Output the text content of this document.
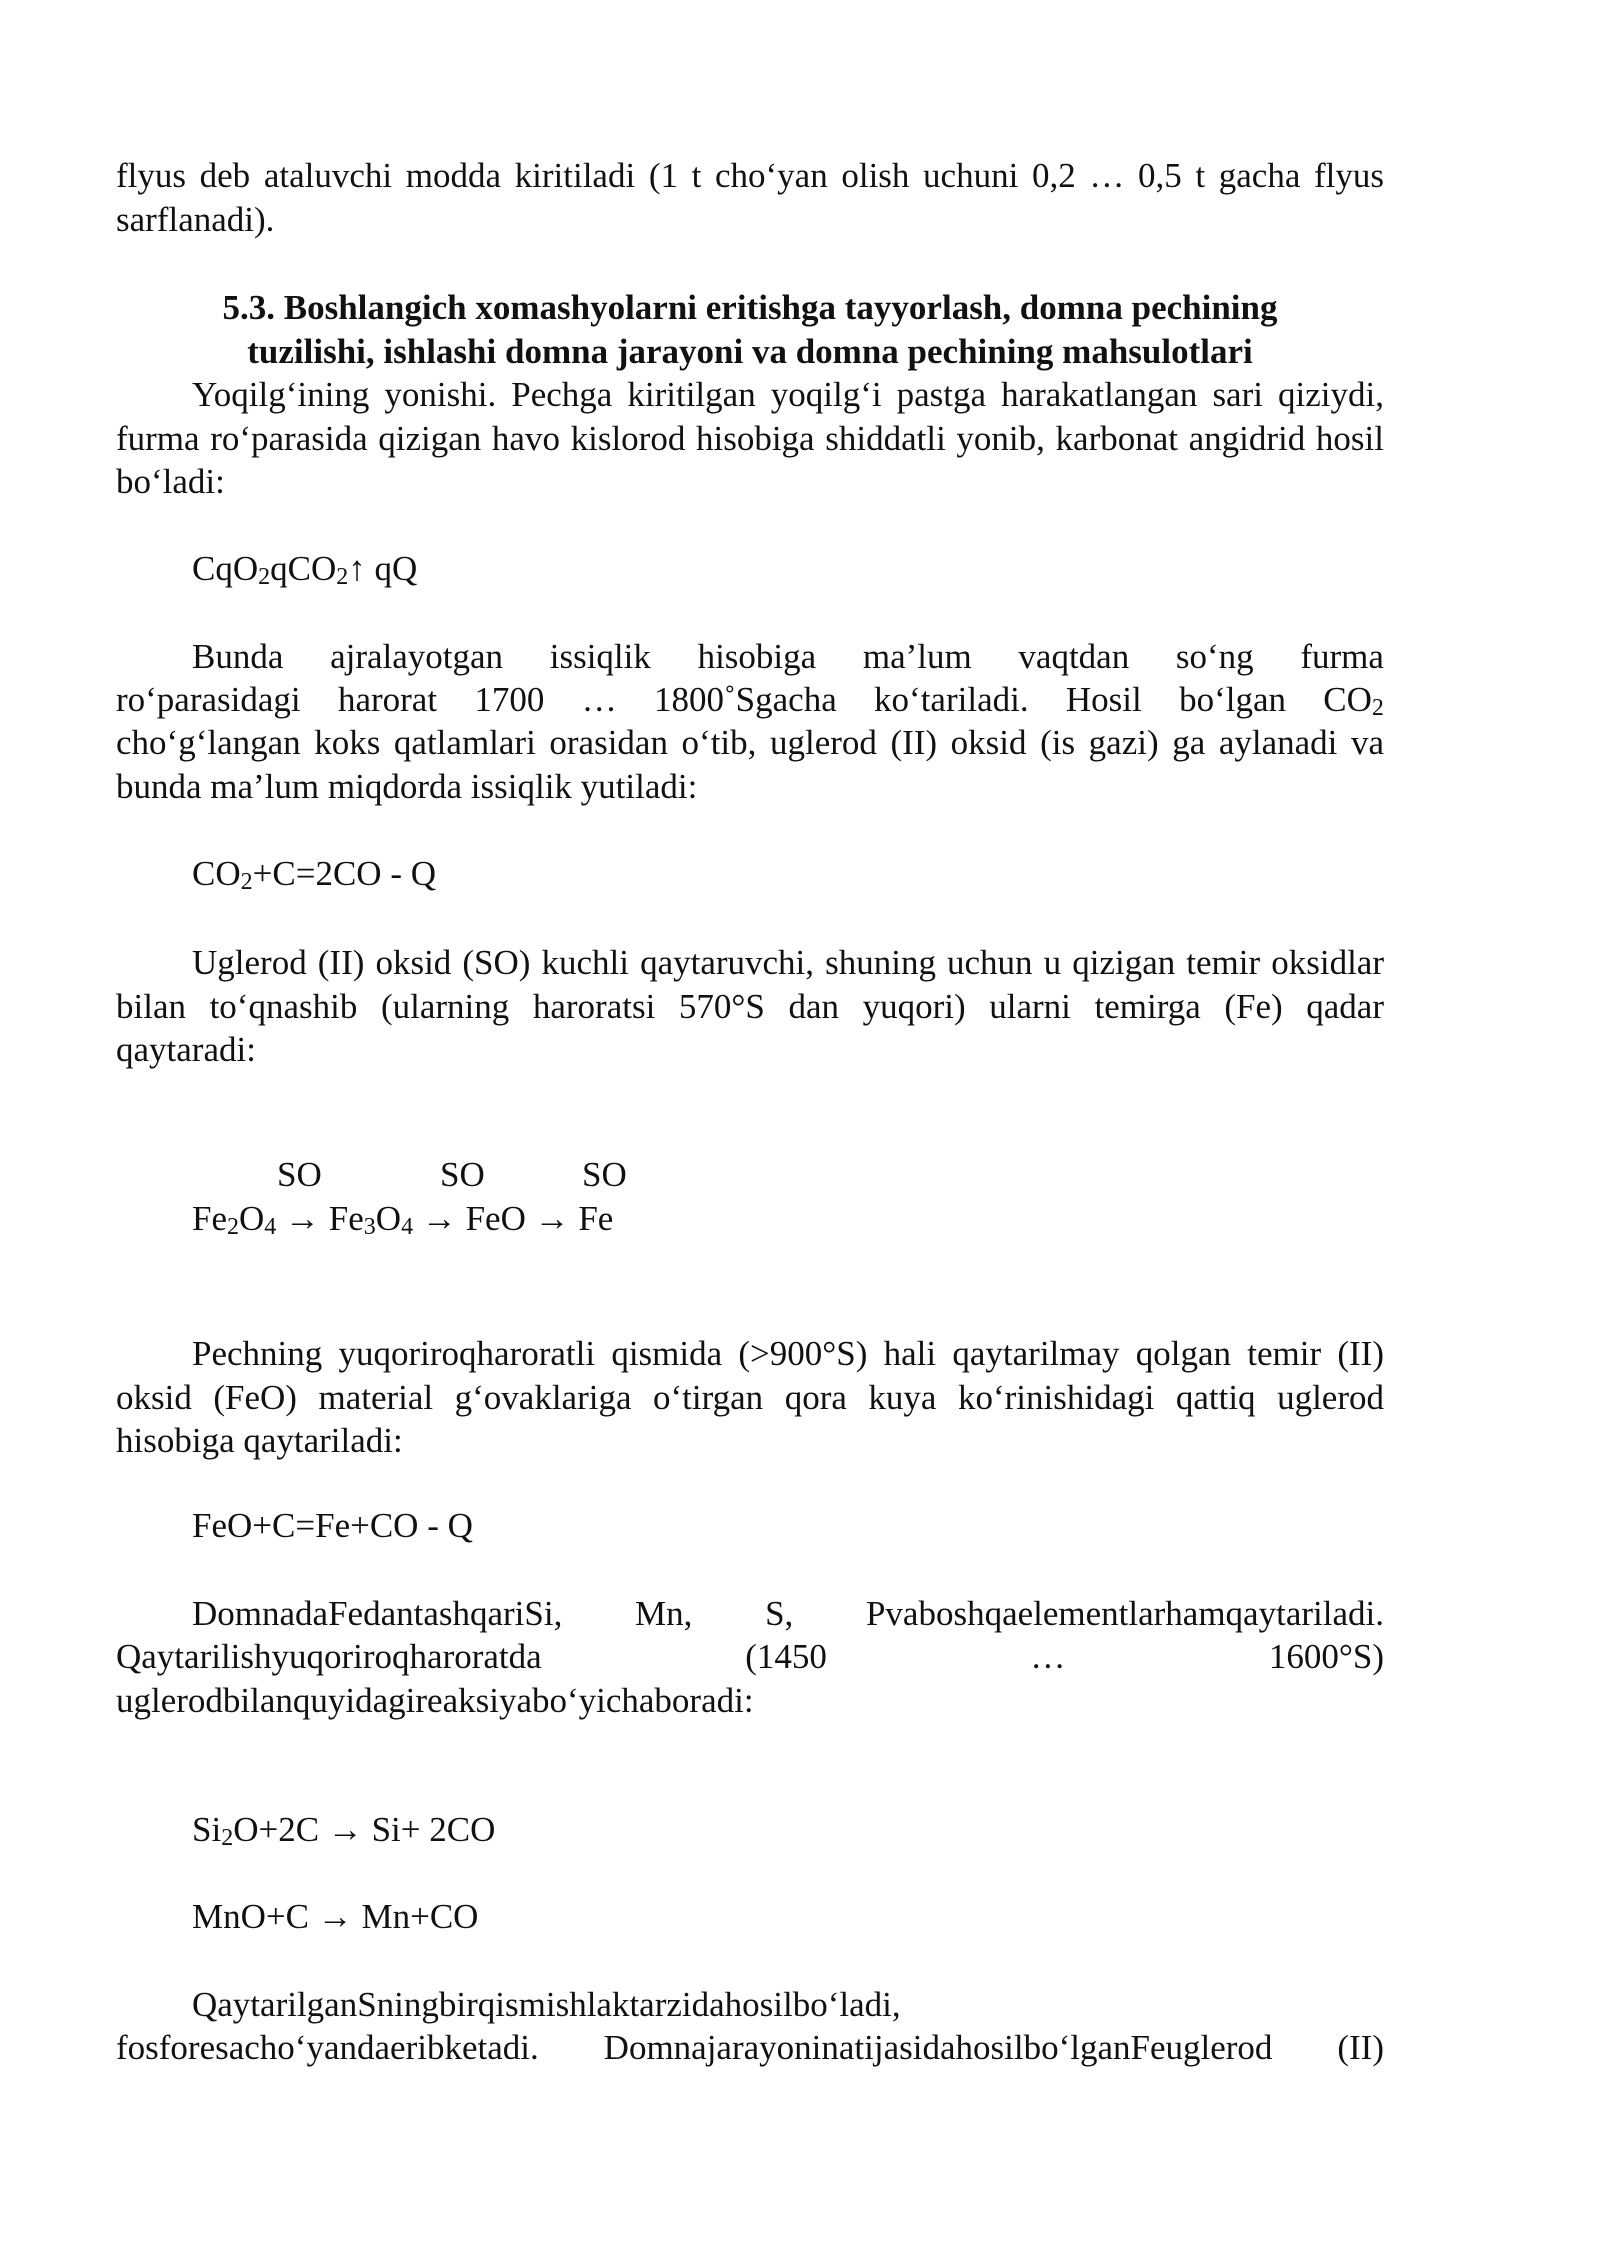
flyus deb ataluvchi modda kiritiladi (1 t cho‘yan olish uchuni 0,2 … 0,5 t gacha flyus sarflanadi).

5.3. Boshlangich xomashyolarni eritishga tayyorlash, domna pechining

tuzilishi, ishlashi domna jarayoni va domna pechining mahsulotlari

Yoqilg‘ining yonishi. Pechga kiritilgan yoqilg‘i pastga harakatlangan sari qiziydi, furma ro‘parasida qizigan havo kislorod hisobiga shiddatli yonib, karbonat angidrid hosil bo‘ladi:

CqO$_2$qCO$_2$↑ qQ

Bunda ajralayotgan issiqlik hisobiga ma’lum vaqtdan so‘ng furma
ro‘parasidagi harorat 1700 … 1800˚Sgacha ko‘tariladi. Hosil bo‘lgan $CO_2$

cho‘g‘langan koks qatlamlari orasidan o‘tib, uglerod (II) oksid (is gazi) ga aylanadi va bunda ma’lum miqdorda issiqlik yutiladi:

$CO_2+C=2CO - Q$

Uglerod (II) oksid (SO) kuchli qaytaruvchi, shuning uchun u qizigan temir oksidlar bilan to‘qnashib (ularning haroratsi 570°S dan yuqori) ularni temirga (Fe) qadar qaytaradi:

SO	SO	SO

$Fe_2O_4 \to Fe_3O_4$ → FeO → Fe

Pechning yuqoriroqharoratli qismida (>900°S) hali qaytarilmay qolgan temir (II) oksid (FeO) material g‘ovaklariga o‘tirgan qora kuya ko‘rinishidagi qattiq uglerod hisobiga qaytariladi:

FeO+C=Fe+CO - Q

DomnadaFedantashqariSi, Mn, S, Pvaboshqaelementlarhamqaytariladi.
Qaytarilishyuqoriroqharoratda	(1450	…	1600°S)

uglerodbilanquyidagireaksiyabo‘yichaboradi:

$Si_2O+2C \to Si+ 2CO$

MnO+C → Mn+CO

QaytarilganSningbirqismishlaktarzidahosilbo‘ladi,

fosforesacho‘yandaeribketadi. Domnajarayoninatijasidahosilbo‘lganFeuglerod (II)
